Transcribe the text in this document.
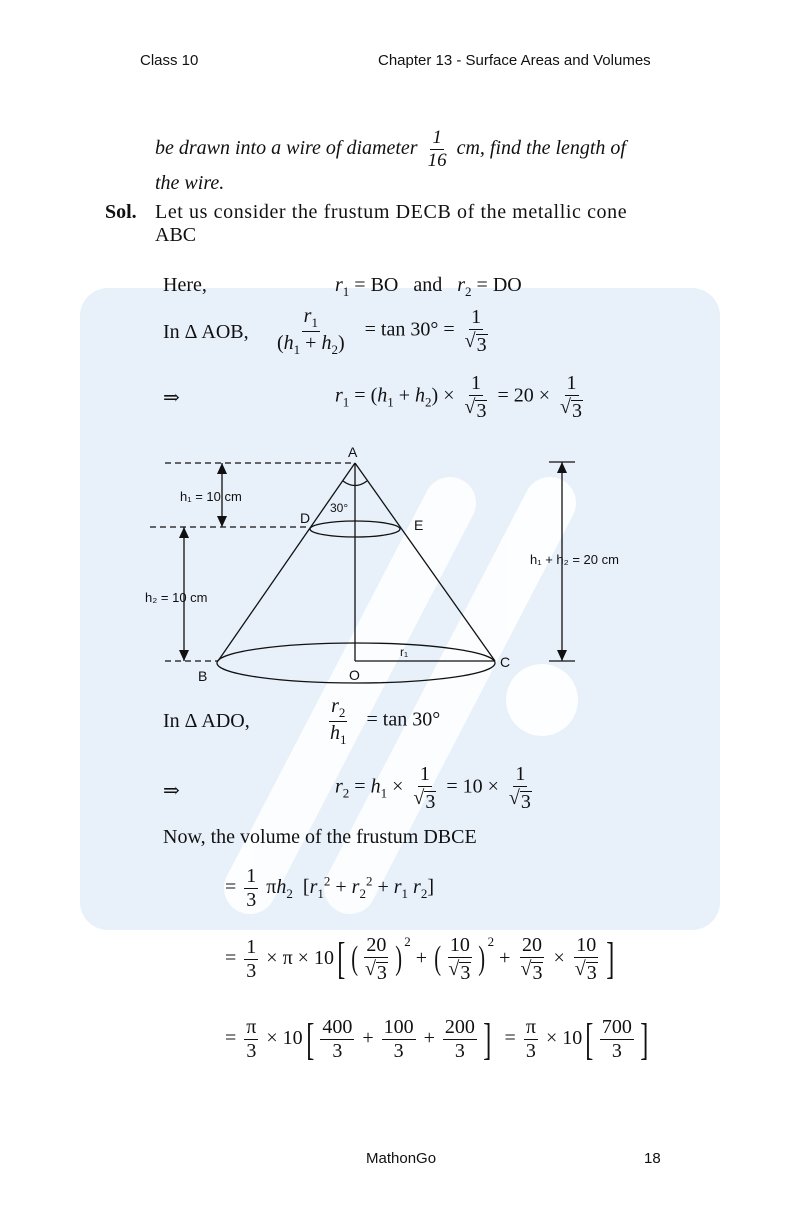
Class 10	Chapter 13 - Surface Areas and Volumes
be drawn into a wire of diameter $\frac{1}{16}$ cm, find the length of
the wire.
Sol. Let us consider the frustum DECB of the metallic cone
ABC
Here,	$r_1$ = BO and $r_2$ = DO
In Δ AOB, $\frac{r_1}{(h_1 + h_2)} = \tan 30^\circ = \frac{1}{√ 3}$
⇒	$r_1 = (h_1 + h_2) \times \frac{1}{√ 3} = 20 \times \frac{1}{√ 3}$
A
D	E
B	O
C
30°
h₁ = 10 cm
h₂ = 10 cm
h₁ + h₂ = 20 cm
r₁
In Δ ADO,	$\frac{r_2}{h_1} = \tan 30^\circ$
⇒	$r_2 = h_1 \times \frac{1}{√ 3} = 10 \times \frac{1}{√ 3}$
Now, the volume of the frustum DBCE
= $\frac{1}{3} \pi h_2$  [$r_1^2 + r_2^2 + r_1$ $r_2$]
= $\frac{1}{3} \times \pi \times 10$[ ( $\frac{20}{√ 3}$ ) $^2$ + ( $\frac{10}{√ 3}$ ) $^2 + \frac{20}{√ 3} \times \frac{10}{√ 3}$ ]
= $\frac{\pi}{3} \times 10[ \frac{400}{3} + \frac{100}{3} + \frac{200}{3}$ ]  = $\frac{\pi}{3} \times 10[ \frac{700}{3}$ ]
MathonGo	18
